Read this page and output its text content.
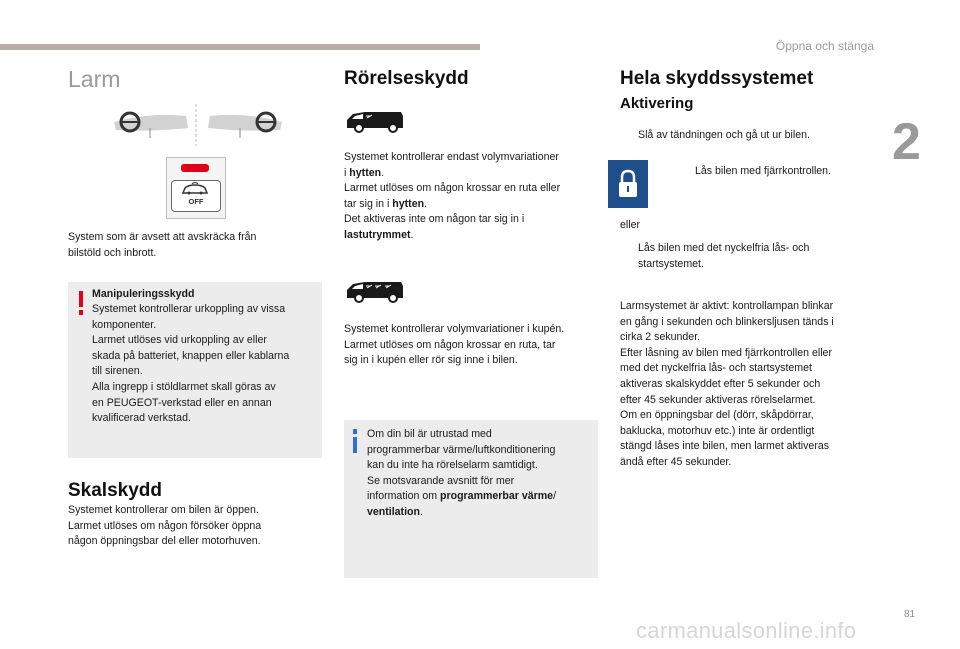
Öppna och stänga
2
81
carmanualsonline.info
Larm
OFF
System som är avsett att avskräcka från
bilstöld och inbrott.
Manipuleringsskydd
Systemet kontrollerar urkoppling av vissa
komponenter.
Larmet utlöses vid urkoppling av eller
skada på batteriet, knappen eller kablarna
till sirenen.
Alla ingrepp i stöldlarmet skall göras av
en PEUGEOT-verkstad eller en annan
kvalificerad verkstad.
Skalskydd
Systemet kontrollerar om bilen är öppen.
Larmet utlöses om någon försöker öppna
någon öppningsbar del eller motorhuven.
Rörelseskydd
Systemet kontrollerar endast volymvariationer
i hytten.
Larmet utlöses om någon krossar en ruta eller
tar sig in i hytten.
Det aktiveras inte om någon tar sig in i
lastutrymmet.
Systemet kontrollerar volymvariationer i kupén.
Larmet utlöses om någon krossar en ruta, tar
sig in i kupén eller rör sig inne i bilen.
Om din bil är utrustad med
programmerbar värme/luftkonditionering
kan du inte ha rörelselarm samtidigt.
Se motsvarande avsnitt för mer
information om programmerbar värme/
ventilation.
Hela skyddssystemet
Aktivering
Slå av tändningen och gå ut ur bilen.
Lås bilen med fjärrkontrollen.
eller
Lås bilen med det nyckelfria lås- och
startsystemet.
Larmsystemet är aktivt: kontrollampan blinkar
en gång i sekunden och blinkersljusen tänds i
cirka 2 sekunder.
Efter låsning av bilen med fjärrkontrollen eller
med det nyckelfria lås- och startsystemet
aktiveras skalskyddet efter 5 sekunder och
efter 45 sekunder aktiveras rörelselarmet.
Om en öppningsbar del (dörr, skåpdörrar,
baklucka, motorhuv etc.) inte är ordentligt
stängd låses inte bilen, men larmet aktiveras
ändå efter 45 sekunder.
